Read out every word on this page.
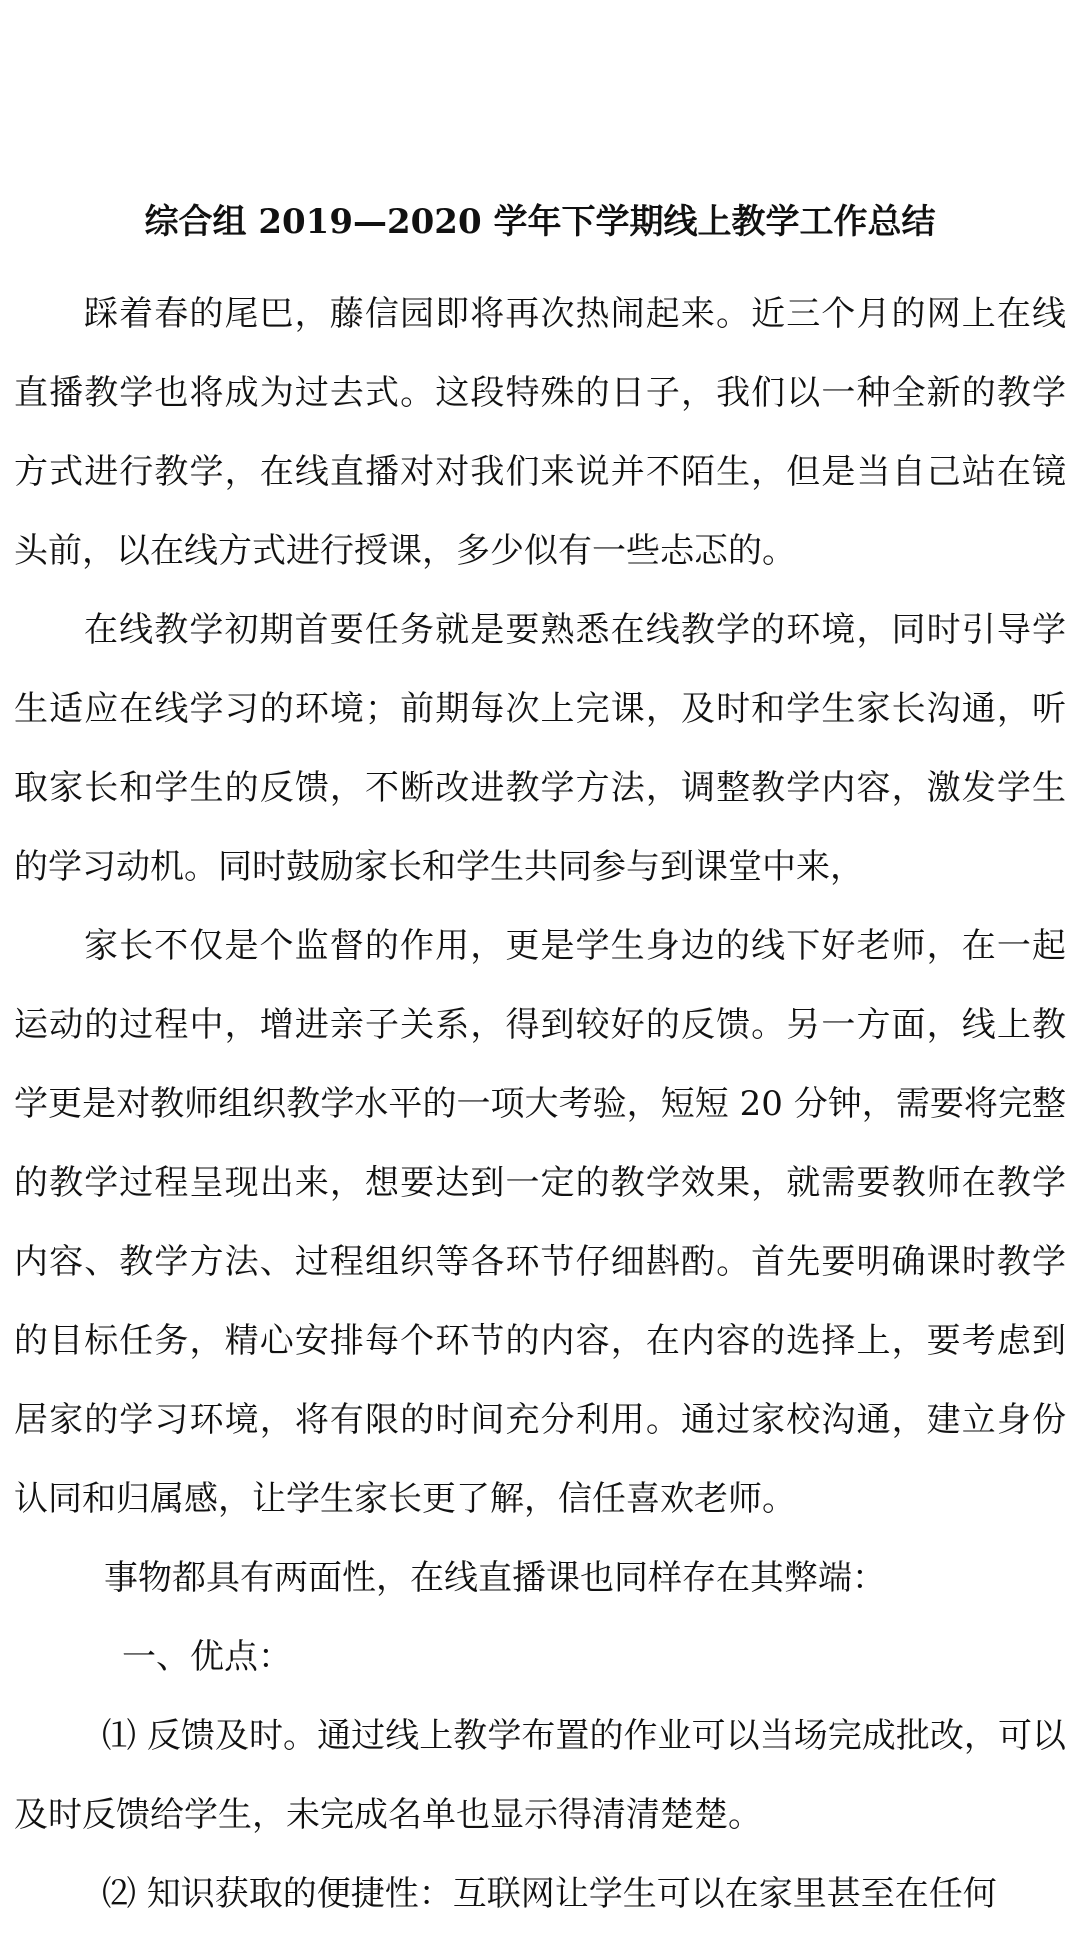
综合组 2019—2020 学年下学期线上教学工作总结

踩着春的尾巴，藤信园即将再次热闹起来。近三个月的网上在线直播教学也将成为过去式。这段特殊的日子，我们以一种全新的教学方式进行教学，在线直播对对我们来说并不陌生，但是当自己站在镜头前，以在线方式进行授课，多少似有一些忐忑的。

在线教学初期首要任务就是要熟悉在线教学的环境，同时引导学生适应在线学习的环境；前期每次上完课，及时和学生家长沟通，听取家长和学生的反馈，不断改进教学方法，调整教学内容，激发学生的学习动机。同时鼓励家长和学生共同参与到课堂中来，

家长不仅是个监督的作用，更是学生身边的线下好老师，在一起运动的过程中，增进亲子关系，得到较好的反馈。另一方面，线上教学更是对教师组织教学水平的一项大考验，短短 20 分钟，需要将完整的教学过程呈现出来，想要达到一定的教学效果，就需要教师在教学内容、教学方法、过程组织等各环节仔细斟酌。首先要明确课时教学的目标任务，精心安排每个环节的内容，在内容的选择上，要考虑到居家的学习环境，将有限的时间充分利用。通过家校沟通，建立身份认同和归属感，让学生家长更了解，信任喜欢老师。

事物都具有两面性，在线直播课也同样存在其弊端：

一、优点：

⑴ 反馈及时。通过线上教学布置的作业可以当场完成批改，可以及时反馈给学生，未完成名单也显示得清清楚楚。

⑵ 知识获取的便捷性：互联网让学生可以在家里甚至在任何
